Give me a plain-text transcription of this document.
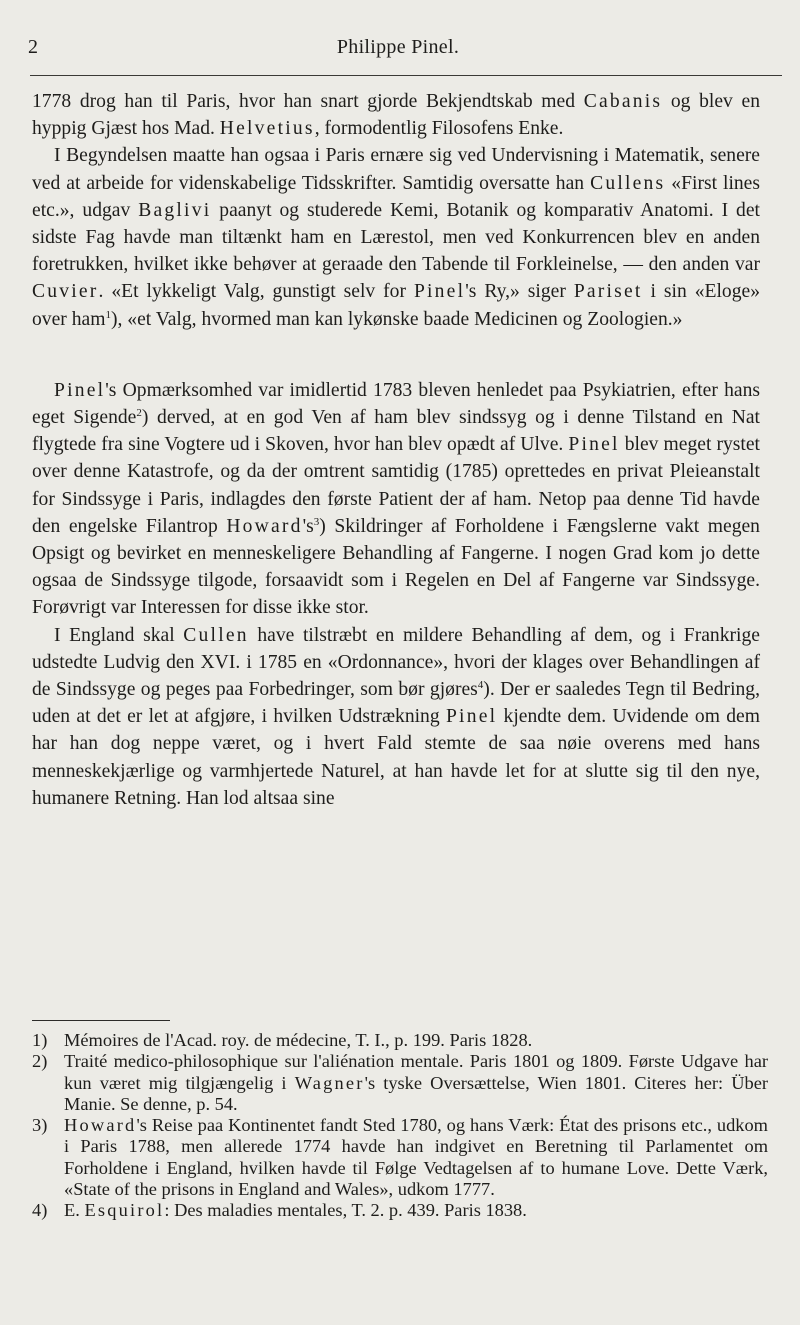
2	Philippe Pinel.

1778 drog han til Paris, hvor han snart gjorde Bekjendtskab med Cabanis og blev en hyppig Gjæst hos Mad. Helvetius, formodentlig Filosofens Enke.

I Begyndelsen maatte han ogsaa i Paris ernære sig ved Undervisning i Matematik, senere ved at arbeide for videnskabelige Tidsskrifter. Samtidig oversatte han Cullens «First lines etc.», udgav Baglivi paanyt og studerede Kemi, Botanik og komparativ Anatomi. I det sidste Fag havde man tiltænkt ham en Lærestol, men ved Konkurrencen blev en anden foretrukken, hvilket ikke behøver at geraade den Tabende til Forkleinelse, — den anden var Cuvier. «Et lykkeligt Valg, gunstigt selv for Pinel's Ry,» siger Pariset i sin «Eloge» over ham$^1$), «et Valg, hvormed man kan lykønske baade Medicinen og Zoologien.»

Pinel's Opmærksomhed var imidlertid 1783 bleven henledet paa Psykiatrien, efter hans eget Sigende$^2$) derved, at en god Ven af ham blev sindssyg og i denne Tilstand en Nat flygtede fra sine Vogtere ud i Skoven, hvor han blev opædt af Ulve. Pinel blev meget rystet over denne Katastrofe, og da der omtrent samtidig (1785) oprettedes en privat Pleieanstalt for Sindssyge i Paris, indlagdes den første Patient der af ham. Netop paa denne Tid havde den engelske Filantrop $Howard's^3$) Skildringer af Forholdene i Fængslerne vakt megen Opsigt og bevirket en menneskeligere Behandling af Fangerne. I nogen Grad kom jo dette ogsaa de Sindssyge tilgode, forsaavidt som i Regelen en Del af Fangerne var Sindssyge. Forøvrigt var Interessen for disse ikke stor.

I England skal Cullen have tilstræbt en mildere Behandling af dem, og i Frankrige udstedte Ludvig den XVI. i 1785 en «Ordonnance», hvori der klages over Behandlingen af de Sindssyge og peges paa Forbedringer, som bør gjøres$^4$). Der er saaledes Tegn til Bedring, uden at det er let at afgjøre, i hvilken Udstrækning Pinel kjendte dem. Uvidende om dem har han dog neppe været, og i hvert Fald stemte de saa nøie overens med hans menneskekjærlige og varmhjertede Naturel, at han havde let for at slutte sig til den nye, humanere Retning. Han lod altsaa sine

1) Mémoires de l'Acad. roy. de médecine, T. I., p. 199. Paris 1828.

2) Traité medico-philosophique sur l'aliénation mentale. Paris 1801 og 1809. Første Udgave har kun været mig tilgjængelig i Wagner's tyske Oversættelse, Wien 1801. Citeres her: Über Manie. Se denne, p. 54.

3) Howard's Reise paa Kontinentet fandt Sted 1780, og hans Værk: État des prisons etc., udkom i Paris 1788, men allerede 1774 havde han indgivet en Beretning til Parlamentet om Forholdene i England, hvilken havde til Følge Vedtagelsen af to humane Love. Dette Værk, «State of the prisons in England and Wales», udkom 1777.

4) E. Esquirol: Des maladies mentales, T. 2. p. 439. Paris 1838.
